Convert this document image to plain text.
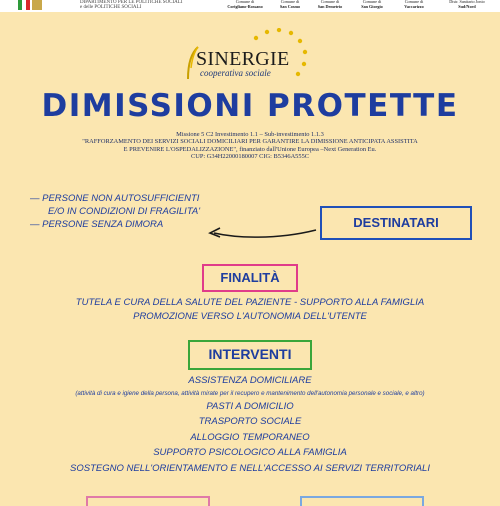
DIPARTIMENTO PER LE POLITICHE SOCIALI
e delle POLITICHE SOCIALI
Comune di
Corigliano-Rossano
Comune di
San Cosmo
Comune di
San Demetrio
Comune di
San Giorgio
Comune di
Vaccarizzo
Distr. Sanitario Jonio
Sud/Nord
SINERGIE
cooperativa sociale
DIMISSIONI PROTETTE
Missione 5 C2 Investimento 1.1 – Sub-investimento 1.1.3
"RAFFORZAMENTO DEI SERVIZI SOCIALI DOMICILIARI PER GARANTIRE LA DIMISSIONE ANTICIPATA ASSISTITA
E PREVENIRE L'OSPEDALIZZAZIONE", finanziato dall'Unione Europea –Next Generation Eu.
CUP: G34H22000180007 CIG: B5346A555C
— PERSONE NON AUTOSUFFICIENTI
E/O IN CONDIZIONI DI FRAGILITA'
— PERSONE SENZA DIMORA	DESTINATARI
FINALITÀ
TUTELA E CURA DELLA SALUTE DEL PAZIENTE - SUPPORTO ALLA FAMIGLIA
PROMOZIONE VERSO L'AUTONOMIA DELL'UTENTE
INTERVENTI
ASSISTENZA DOMICILIARE
(attività di cura e igiene della persona, attività mirate per il recupero e mantenimento dell'autonomia personale e sociale, e altro)
PASTI A DOMICILIO
TRASPORTO SOCIALE
ALLOGGIO TEMPORANEO
SUPPORTO PSICOLOGICO ALLA FAMIGLIA
SOSTEGNO NELL'ORIENTAMENTO E NELL'ACCESSO AI SERVIZI TERRITORIALI
